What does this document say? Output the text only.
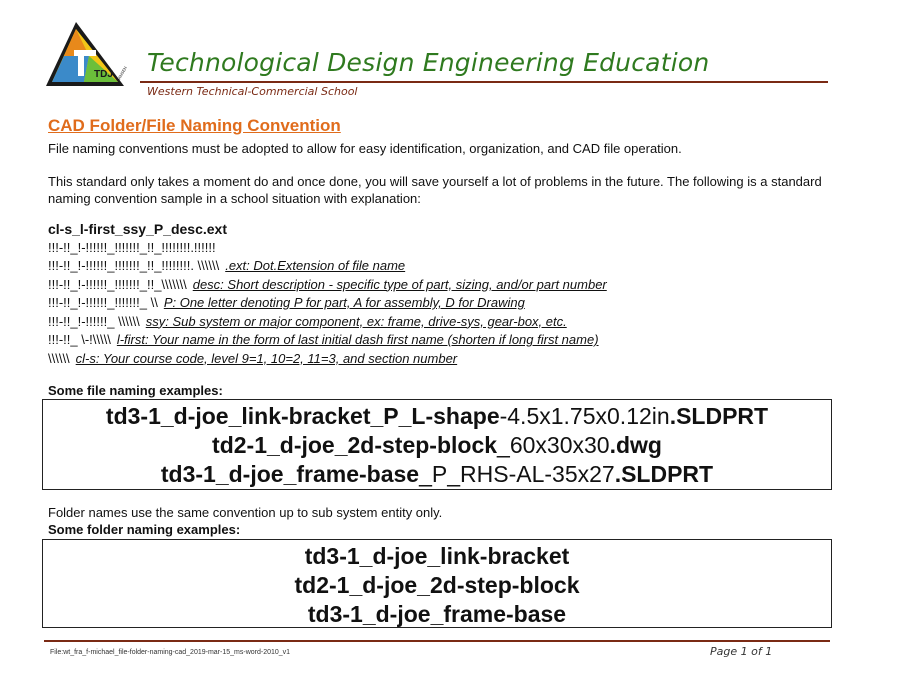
TDJ HANSEN Technological Design Engineering Education
Western Technical-Commercial School
CAD Folder/File Naming Convention
File naming conventions must be adopted to allow for easy identification, organization, and CAD file operation.
This standard only takes a moment do and once done, you will save yourself a lot of problems in the future. The following is a standard naming convention sample in a school situation with explanation:
cl-s_l-first_ssy_P_desc.ext
!!!-!!_!-!!!!!!_!!!!!!!_!!_!!!!!!!!.!!!!!!
!!!-!!_!-!!!!!!_!!!!!!!_!!_!!!!!!!!. \\\\\\ .ext: Dot.Extension of file name
!!!-!!_!-!!!!!!_!!!!!!!_!!_\\\\\\\ desc: Short description - specific type of part, sizing, and/or part number
!!!-!!_!-!!!!!!_!!!!!!!_ \\ P: One letter denoting P for part, A for assembly, D for Drawing
!!!-!!_!-!!!!!!_ \\\\\\ ssy: Sub system or major component, ex: frame, drive-sys, gear-box, etc.
!!!-!!_ \-!\\\\\ l-first: Your name in the form of last initial dash first name (shorten if long first name)
\\\\\\ cl-s: Your course code, level 9=1, 10=2, 11=3, and section number
Some file naming examples:
td3-1_d-joe_link-bracket_P_L-shape-4.5x1.75x0.12in.SLDPRT
td2-1_d-joe_2d-step-block_60x30x30.dwg
td3-1_d-joe_frame-base_P_RHS-AL-35x27.SLDPRT
Folder names use the same convention up to sub system entity only.
Some folder naming examples:
td3-1_d-joe_link-bracket
td2-1_d-joe_2d-step-block
td3-1_d-joe_frame-base
File:wt_fra_f-michael_file-folder-naming-cad_2019-mar-15_ms-word-2010_v1	Page 1 of 1
